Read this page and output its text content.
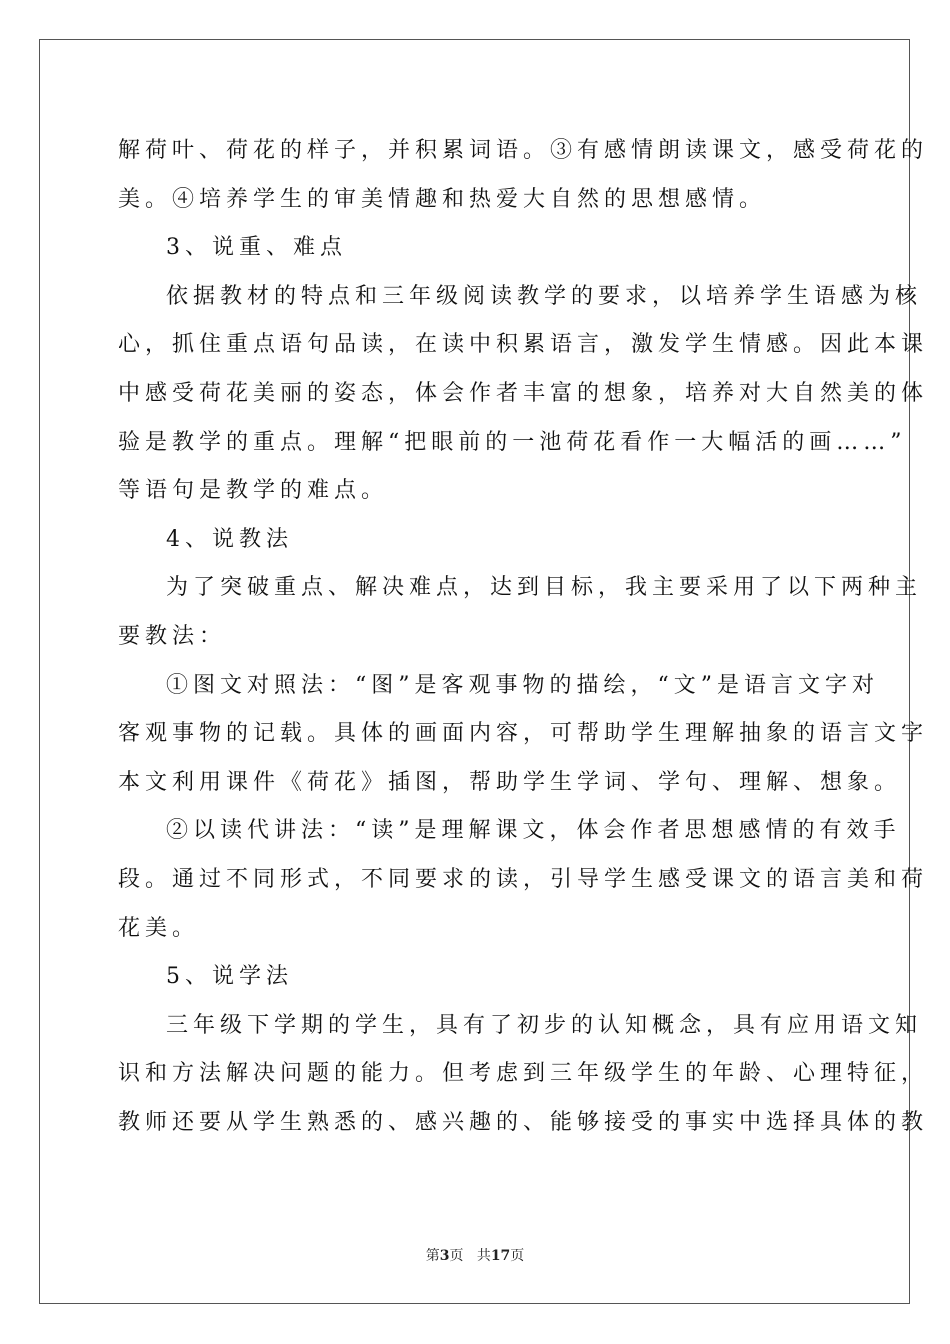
解荷叶、荷花的样子，并积累词语。③有感情朗读课文，感受荷花的
美。④培养学生的审美情趣和热爱大自然的思想感情。
3、说重、难点
依据教材的特点和三年级阅读教学的要求，以培养学生语感为核
心，抓住重点语句品读，在读中积累语言，激发学生情感。因此本课
中感受荷花美丽的姿态，体会作者丰富的想象，培养对大自然美的体
验是教学的重点。理解“把眼前的一池荷花看作一大幅活的画……”
等语句是教学的难点。
4、说教法
为了突破重点、解决难点，达到目标，我主要采用了以下两种主
要教法：
①图文对照法：“图”是客观事物的描绘，“文”是语言文字对
客观事物的记载。具体的画面内容，可帮助学生理解抽象的语言文字
本文利用课件《荷花》插图，帮助学生学词、学句、理解、想象。
②以读代讲法：“读”是理解课文，体会作者思想感情的有效手
段。通过不同形式，不同要求的读，引导学生感受课文的语言美和荷
花美。
5、说学法
三年级下学期的学生，具有了初步的认知概念，具有应用语文知
识和方法解决问题的能力。但考虑到三年级学生的年龄、心理特征，
教师还要从学生熟悉的、感兴趣的、能够接受的事实中选择具体的教
第3页 共17页
